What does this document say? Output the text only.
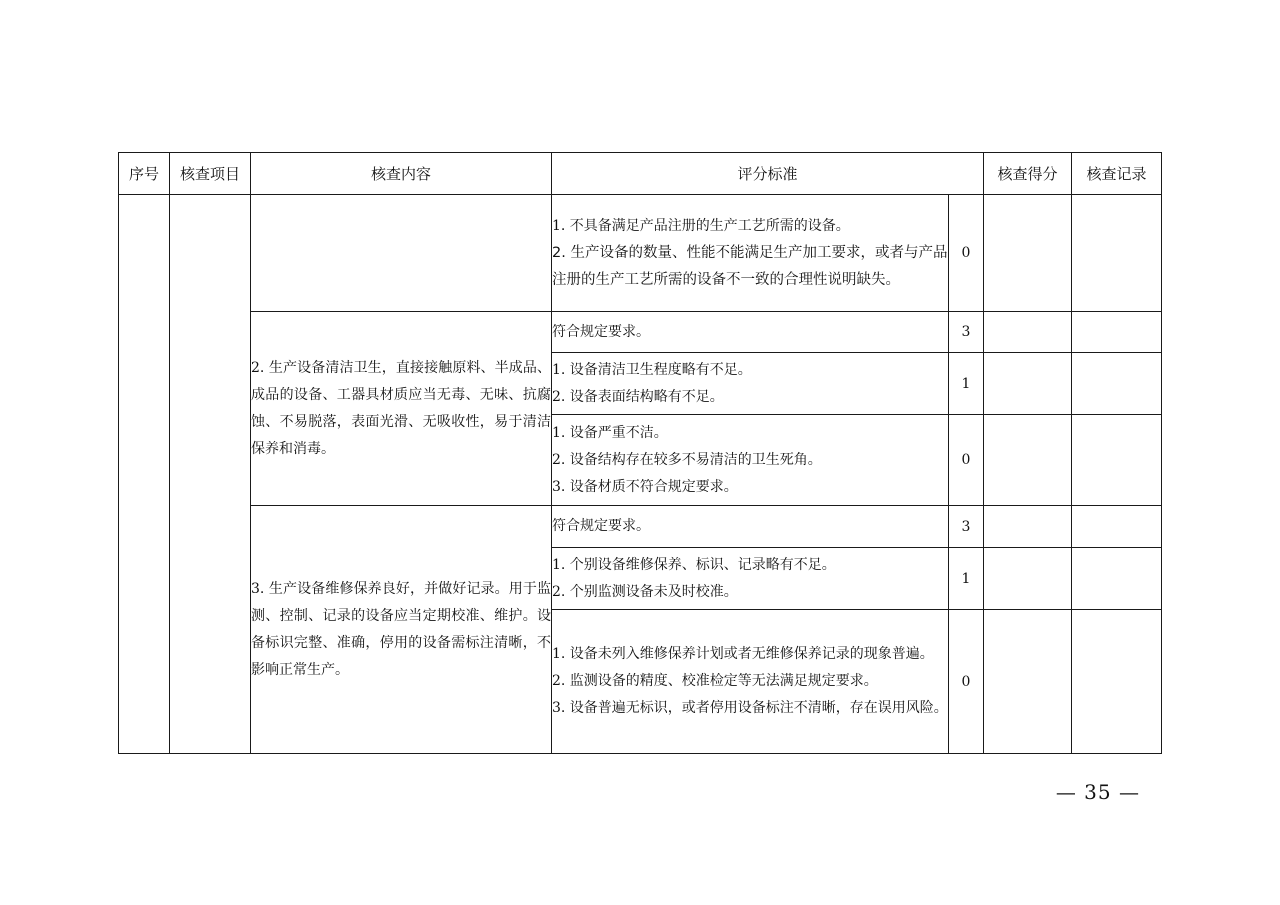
序号	核查项目	核查内容	评分标准		核查得分	核查记录

			1. 不具备满足产品注册的生产工艺所需的设备。
2. 生产设备的数量、性能不能满足生产加工要求，或者与产品注册的生产工艺所需的设备不一致的合理性说明缺失。	0		
		2. 生产设备清洁卫生，直接接触原料、半成品、成品的设备、工器具材质应当无毒、无味、抗腐蚀、不易脱落，表面光滑、无吸收性，易于清洁保养和消毒。	符合规定要求。	3		

			1. 设备清洁卫生程度略有不足。
2. 设备表面结构略有不足。	1		

			1. 设备严重不洁。
2. 设备结构存在较多不易清洁的卫生死角。
3. 设备材质不符合规定要求。	0		
		3. 生产设备维修保养良好，并做好记录。用于监测、控制、记录的设备应当定期校准、维护。设备标识完整、准确，停用的设备需标注清晰，不影响正常生产。	符合规定要求。	3		

			1. 个别设备维修保养、标识、记录略有不足。
2. 个别监测设备未及时校准。	1		

			1. 设备未列入维修保养计划或者无维修保养记录的现象普遍。
2. 监测设备的精度、校准检定等无法满足规定要求。
3. 设备普遍无标识，或者停用设备标注不清晰，存在误用风险。	0		
— 35 —
